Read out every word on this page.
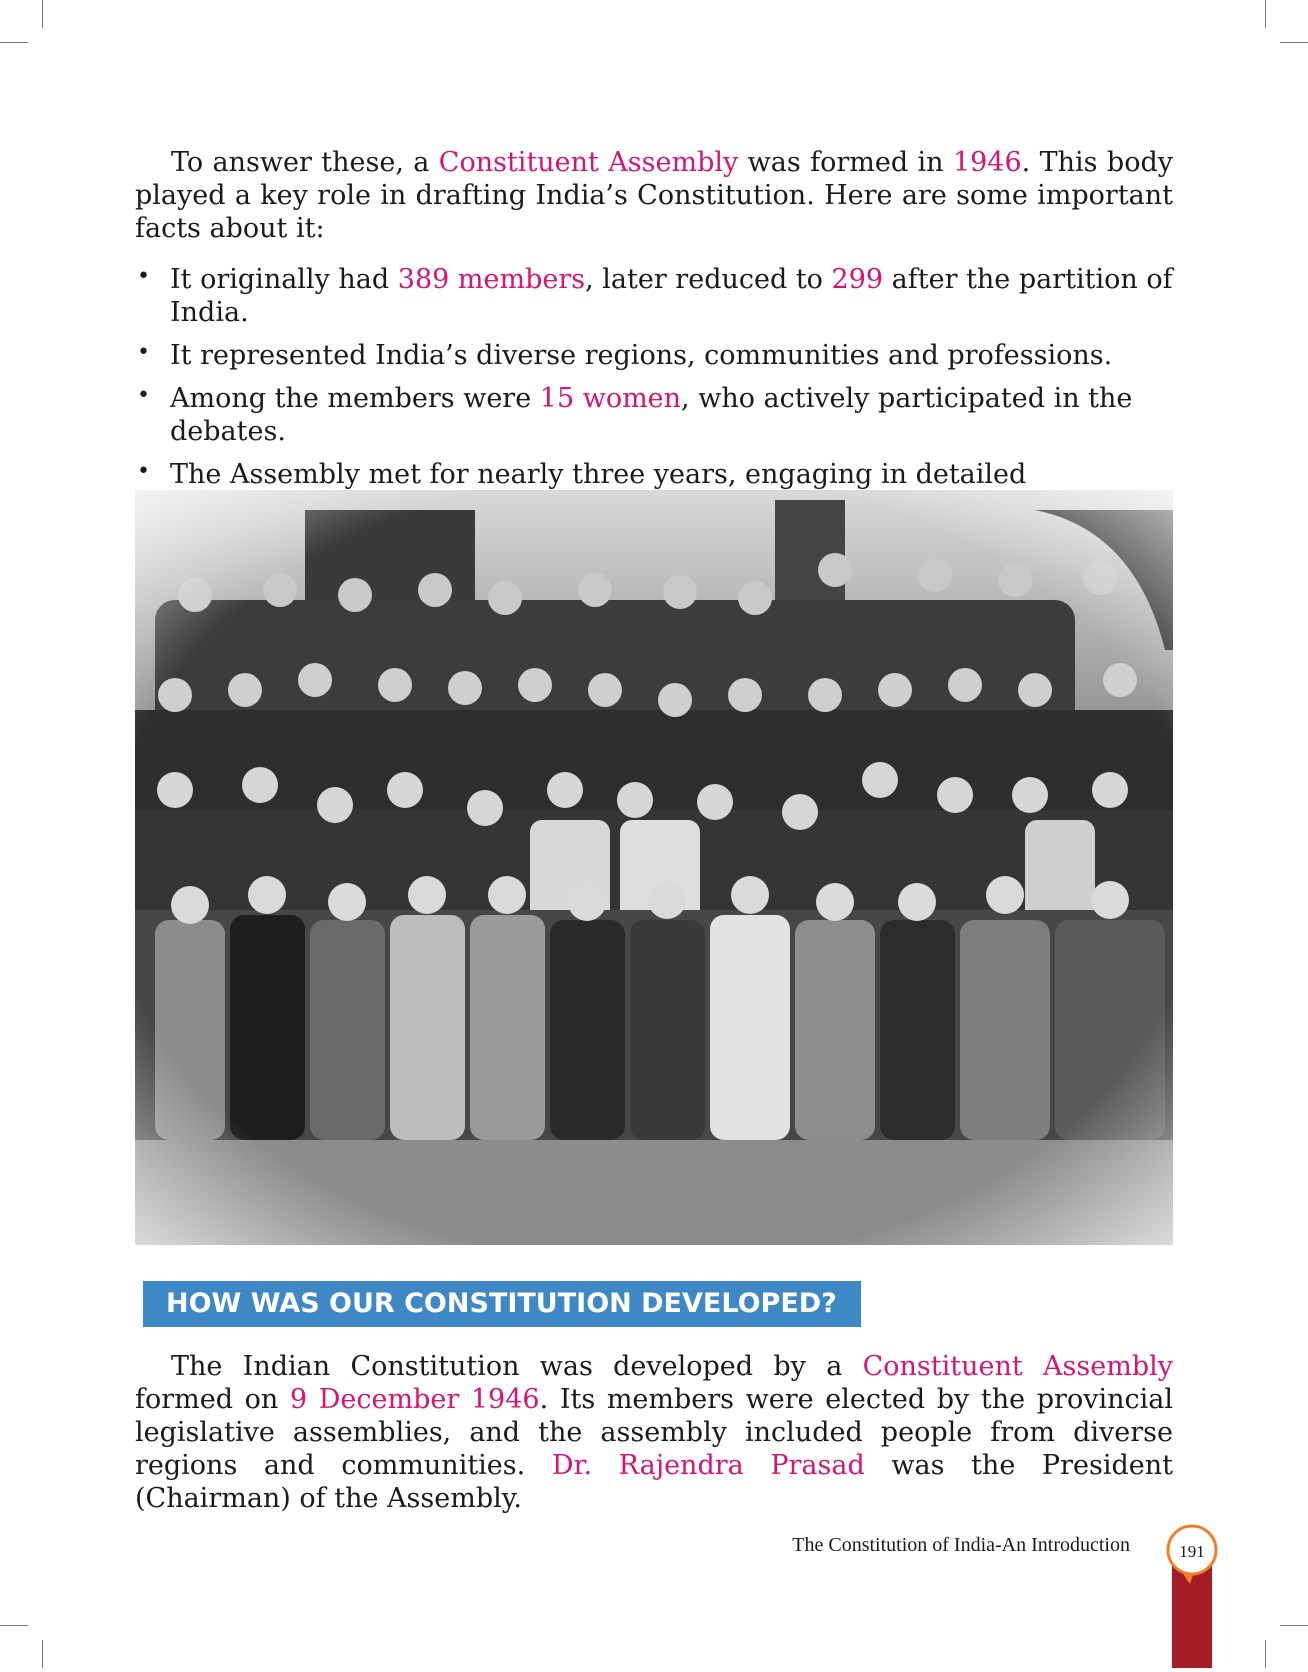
To answer these, a Constituent Assembly was formed in 1946. This body played a key role in drafting India’s Constitution. Here are some important facts about it:

• It originally had 389 members, later reduced to 299 after the partition of India.
• It represented India’s diverse regions, communities and professions.
• Among the members were 15 women, who actively participated in the debates.
• The Assembly met for nearly three years, engaging in detailed
HOW WAS OUR CONSTITUTION DEVELOPED?

The Indian Constitution was developed by a Constituent Assembly formed on 9 December 1946. Its members were elected by the provincial legislative assemblies, and the assembly included people from diverse regions and communities. Dr. Rajendra Prasad was the President (Chairman) of the Assembly.

The Constitution of India-An Introduction	191
